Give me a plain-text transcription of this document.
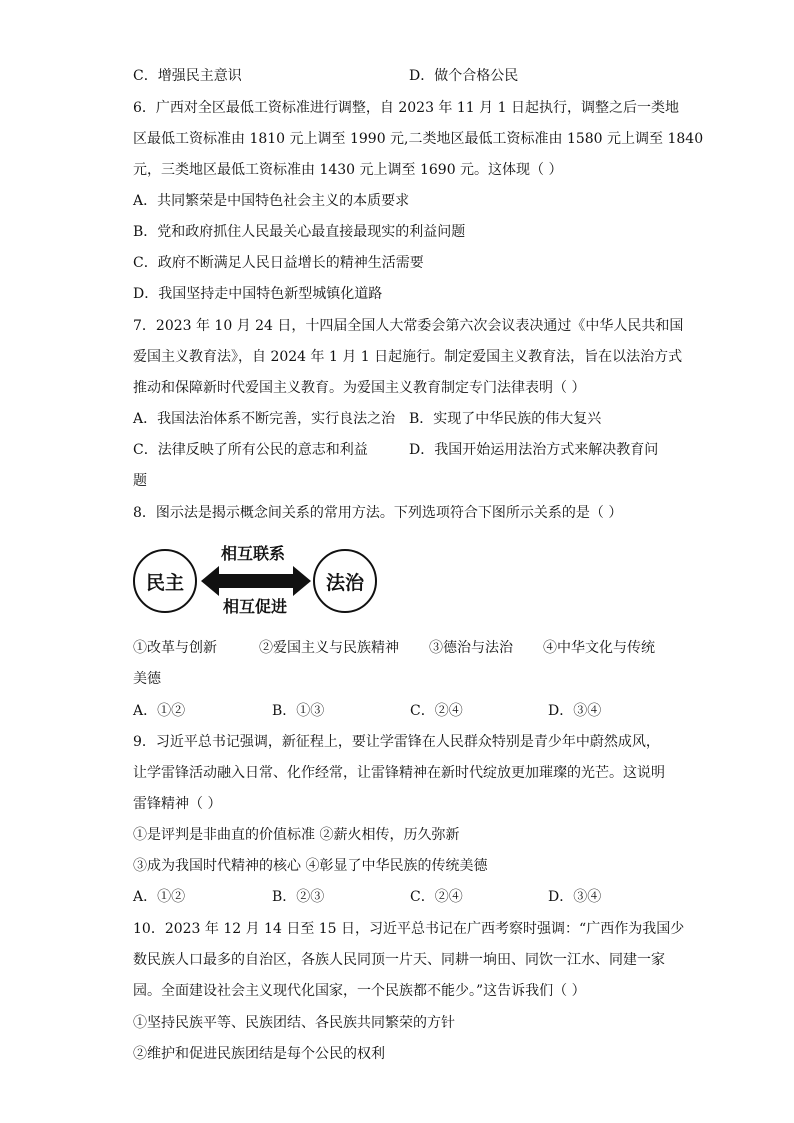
C．增强民主意识	D．做个合格公民
6．广西对全区最低工资标准进行调整，自 2023 年 11 月 1 日起执行，调整之后一类地
区最低工资标准由 1810 元上调至 1990 元,二类地区最低工资标准由 1580 元上调至 1840
元，三类地区最低工资标准由 1430 元上调至 1690 元。这体现（ ）
A．共同繁荣是中国特色社会主义的本质要求
B．党和政府抓住人民最关心最直接最现实的利益问题
C．政府不断满足人民日益增长的精神生活需要
D．我国坚持走中国特色新型城镇化道路
7．2023 年 10 月 24 日，十四届全国人大常委会第六次会议表决通过《中华人民共和国
爱国主义教育法》，自 2024 年 1 月 1 日起施行。制定爱国主义教育法，旨在以法治方式
推动和保障新时代爱国主义教育。为爱国主义教育制定专门法律表明（ ）
A．我国法治体系不断完善，实行良法之治 B．实现了中华民族的伟大复兴
C．法律反映了所有公民的意志和利益	D．我国开始运用法治方式来解决教育问
题
8．图示法是揭示概念间关系的常用方法。下列选项符合下图所示关系的是（ ）
民主	法治
相互联系
相互促进
①改革与创新	②爱国主义与民族精神 ③德治与法治 ④中华文化与传统
美德
A．①②	B．①③	C．②④	D．③④
9．习近平总书记强调，新征程上，要让学雷锋在人民群众特别是青少年中蔚然成风，
让学雷锋活动融入日常、化作经常，让雷锋精神在新时代绽放更加璀璨的光芒。这说明
雷锋精神（ ）
①是评判是非曲直的价值标准 ②薪火相传，历久弥新
③成为我国时代精神的核心 ④彰显了中华民族的传统美德
A．①②	B．②③	C．②④	D．③④
10．2023 年 12 月 14 日至 15 日，习近平总书记在广西考察时强调：“广西作为我国少
数民族人口最多的自治区，各族人民同顶一片天、同耕一垧田、同饮一江水、同建一家
园。全面建设社会主义现代化国家，一个民族都不能少。”这告诉我们（ ）
①坚持民族平等、民族团结、各民族共同繁荣的方针
②维护和促进民族团结是每个公民的权利
